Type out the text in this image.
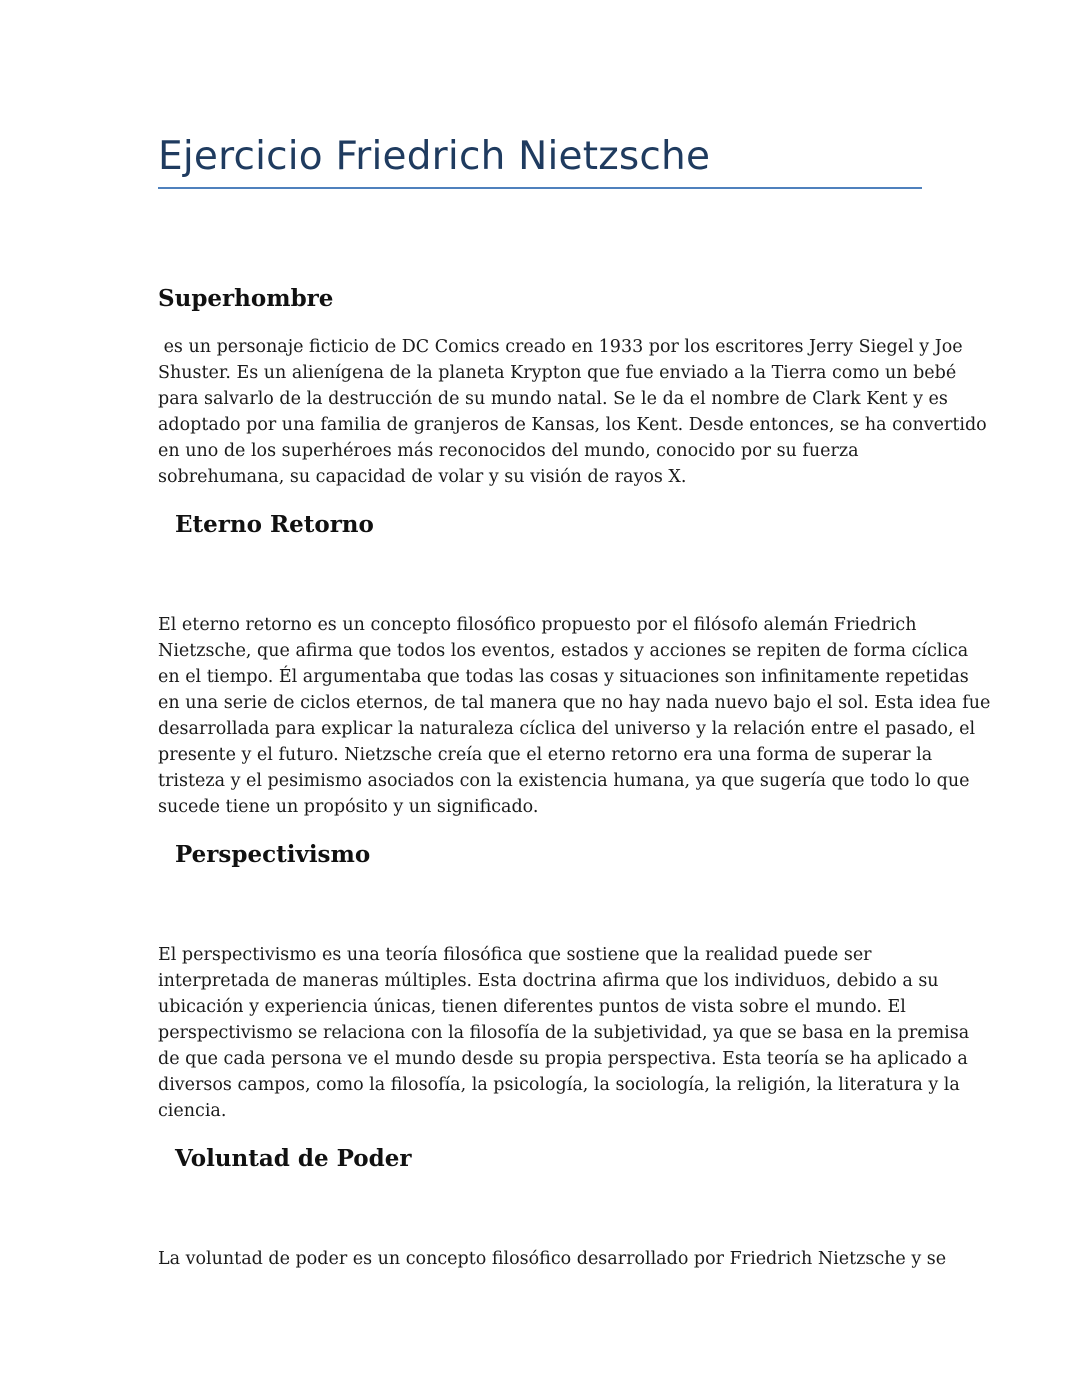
Ejercicio Friedrich Nietzsche
Superhombre
es un personaje ficticio de DC Comics creado en 1933 por los escritores Jerry Siegel y Joe
Shuster. Es un alienígena de la planeta Krypton que fue enviado a la Tierra como un bebé
para salvarlo de la destrucción de su mundo natal. Se le da el nombre de Clark Kent y es
adoptado por una familia de granjeros de Kansas, los Kent. Desde entonces, se ha convertido
en uno de los superhéroes más reconocidos del mundo, conocido por su fuerza
sobrehumana, su capacidad de volar y su visión de rayos X.
Eterno Retorno
El eterno retorno es un concepto filosófico propuesto por el filósofo alemán Friedrich
Nietzsche, que afirma que todos los eventos, estados y acciones se repiten de forma cíclica
en el tiempo. Él argumentaba que todas las cosas y situaciones son infinitamente repetidas
en una serie de ciclos eternos, de tal manera que no hay nada nuevo bajo el sol. Esta idea fue
desarrollada para explicar la naturaleza cíclica del universo y la relación entre el pasado, el
presente y el futuro. Nietzsche creía que el eterno retorno era una forma de superar la
tristeza y el pesimismo asociados con la existencia humana, ya que sugería que todo lo que
sucede tiene un propósito y un significado.
Perspectivismo
El perspectivismo es una teoría filosófica que sostiene que la realidad puede ser
interpretada de maneras múltiples. Esta doctrina afirma que los individuos, debido a su
ubicación y experiencia únicas, tienen diferentes puntos de vista sobre el mundo. El
perspectivismo se relaciona con la filosofía de la subjetividad, ya que se basa en la premisa
de que cada persona ve el mundo desde su propia perspectiva. Esta teoría se ha aplicado a
diversos campos, como la filosofía, la psicología, la sociología, la religión, la literatura y la
ciencia.
Voluntad de Poder
La voluntad de poder es un concepto filosófico desarrollado por Friedrich Nietzsche y se
